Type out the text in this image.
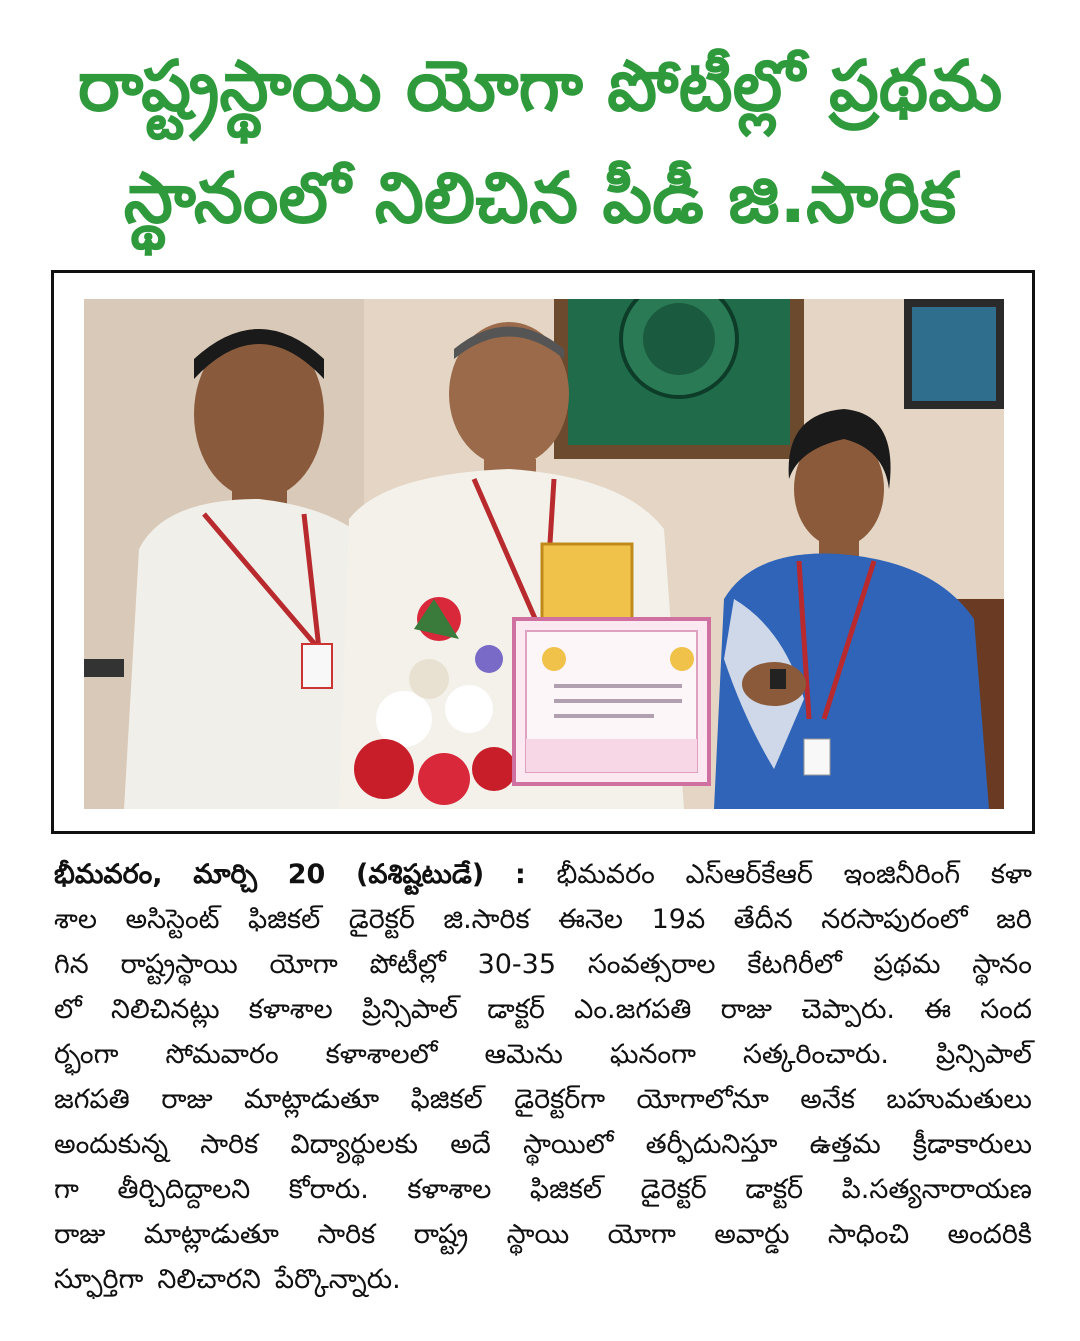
రాష్ట్రస్థాయి యోగా పోటీల్లో ప్రథమ
స్థానంలో నిలిచిన పీడీ జి.సారిక
భీమవరం, మార్చి 20 (వశిష్టటుడే) : భీమవరం ఎస్ఆర్‌కేఆర్ ఇంజినీరింగ్ కళా
శాల అసిస్టెంట్ ఫిజికల్ డైరెక్టర్ జి.సారిక ఈనెల 19వ తేదీన నరసాపురంలో జరి
గిన రాష్ట్రస్థాయి యోగా పోటీల్లో 30-35 సంవత్సరాల కేటగిరీలో ప్రథమ స్థానం
లో నిలిచినట్లు కళాశాల ప్రిన్సిపాల్ డాక్టర్ ఎం.జగపతి రాజు చెప్పారు. ఈ సంద
ర్భంగా సోమవారం కళాశాలలో ఆమెను ఘనంగా సత్కరించారు. ప్రిన్సిపాల్
జగపతి రాజు మాట్లాడుతూ ఫిజికల్ డైరెక్టర్‌గా యోగాలోనూ అనేక బహుమతులు
అందుకున్న సారిక విద్యార్థులకు అదే స్థాయిలో తర్ఫీదునిస్తూ ఉత్తమ క్రీడాకారులు
గా తీర్చిదిద్దాలని కోరారు. కళాశాల ఫిజికల్ డైరెక్టర్ డాక్టర్ పి.సత్యనారాయణ
రాజు మాట్లాడుతూ సారిక రాష్ట్ర స్థాయి యోగా అవార్డు సాధించి అందరికి
స్ఫూర్తిగా నిలిచారని పేర్కొన్నారు.
